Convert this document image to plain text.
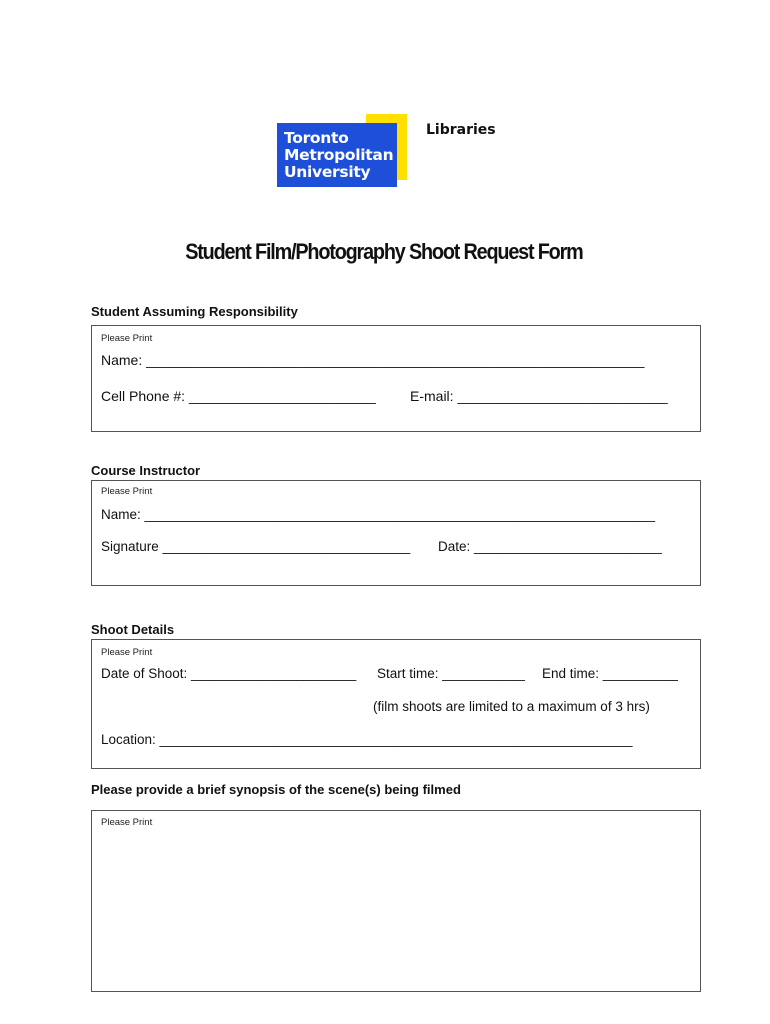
Toronto
Metropolitan
University
Libraries
Student Film/Photography Shoot Request Form
Student Assuming Responsibility
Please Print
Name: ________________________________________________________________
Cell Phone #: ________________________ E-mail: ___________________________
Course Instructor
Please Print
Name: ____________________________________________________________________
Signature _________________________________ Date: _________________________
Shoot Details
Please Print
Date of Shoot: ______________________ Start time: ___________ End time: __________
(film shoots are limited to a maximum of 3 hrs)
Location: _______________________________________________________________
Please provide a brief synopsis of the scene(s) being filmed
Please Print
